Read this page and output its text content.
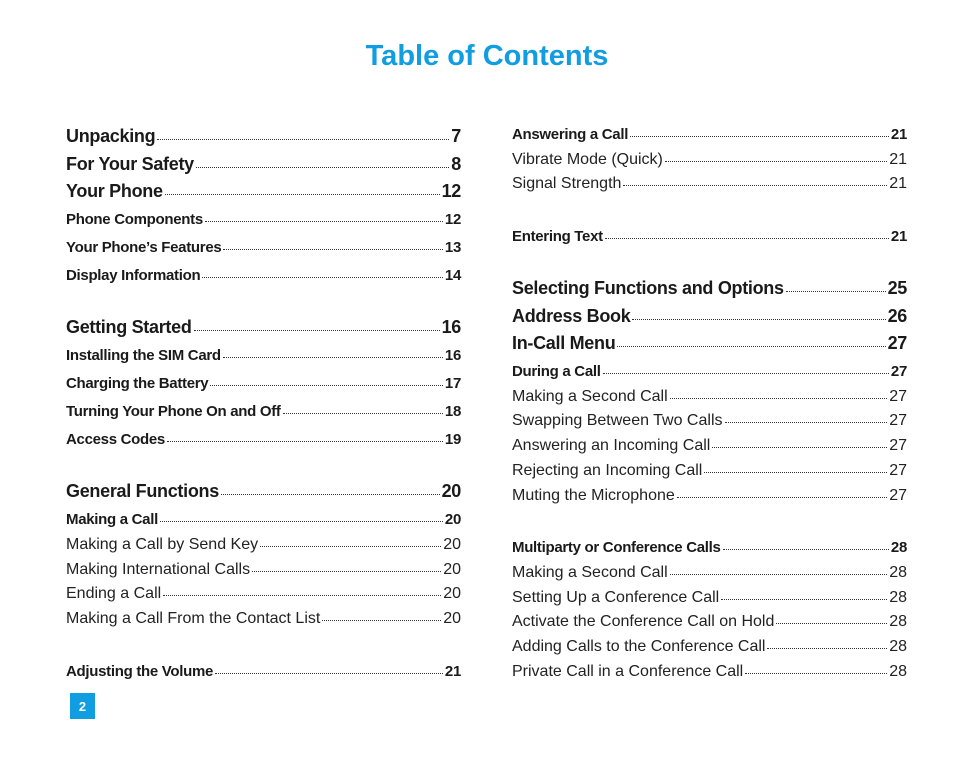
Table of Contents
Unpacking	7
For Your Safety	8
Your Phone	12
Phone Components	12
Your Phone’s Features	13
Display Information	14
Getting Started	16
Installing the SIM Card	16
Charging the Battery	17
Turning Your Phone On and Off	18
Access Codes	19
General Functions	20
Making a Call	20
Making a Call by Send Key	20
Making International Calls	20
Ending a Call	20
Making a Call From the Contact List	20
Adjusting the Volume	21
Answering a Call	21
Vibrate Mode (Quick)	21
Signal Strength	21
Entering Text	21
Selecting Functions and Options	25
Address Book	26
In-Call Menu	27
During a Call	27
Making a Second Call	27
Swapping Between Two Calls	27
Answering an Incoming Call	27
Rejecting an Incoming Call	27
Muting the Microphone	27
Multiparty or Conference Calls	28
Making a Second Call	28
Setting Up a Conference Call	28
Activate the Conference Call on Hold	28
Adding Calls to the Conference Call	28
Private Call in a Conference Call	28
2
